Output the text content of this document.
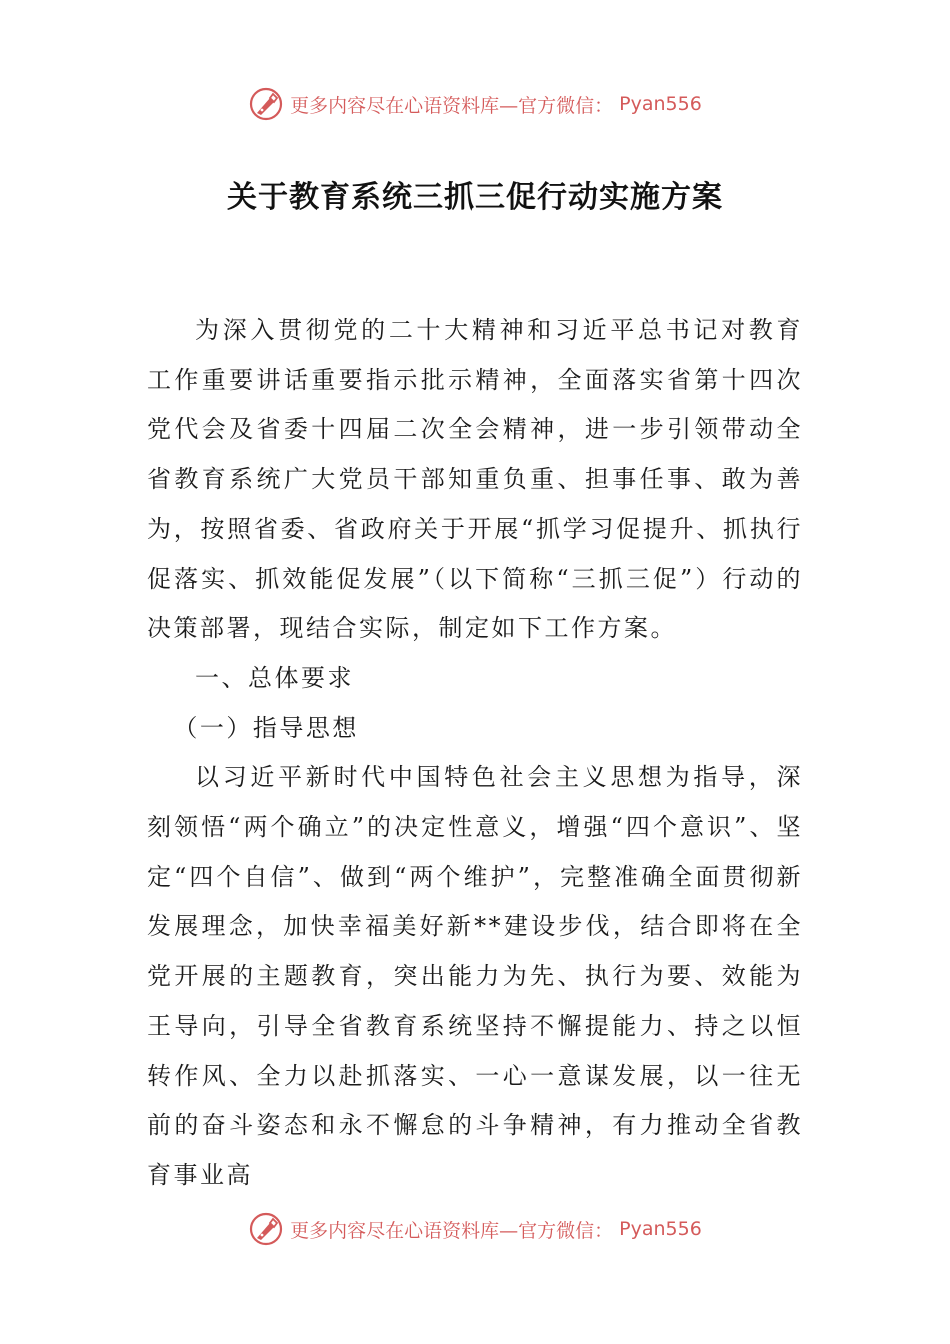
更多内容尽在心语资料库—官方微信： Pyan556
关于教育系统三抓三促行动实施方案

为深入贯彻党的二十大精神和习近平总书记对教育工作重要讲话重要指示批示精神，全面落实省第十四次党代会及省委十四届二次全会精神，进一步引领带动全省教育系统广大党员干部知重负重、担事任事、敢为善为，按照省委、省政府关于开展“抓学习促提升、抓执行促落实、抓效能促发展”（以下简称“三抓三促”）行动的决策部署，现结合实际，制定如下工作方案。

一、总体要求

（一）指导思想

以习近平新时代中国特色社会主义思想为指导，深刻领悟“两个确立”的决定性意义，增强“四个意识”、坚定“四个自信”、做到“两个维护”，完整准确全面贯彻新发展理念，加快幸福美好新**建设步伐，结合即将在全党开展的主题教育，突出能力为先、执行为要、效能为王导向，引导全省教育系统坚持不懈提能力、持之以恒转作风、全力以赴抓落实、一心一意谋发展，以一往无前的奋斗姿态和永不懈怠的斗争精神，有力推动全省教育事业高

更多内容尽在心语资料库—官方微信： Pyan556
